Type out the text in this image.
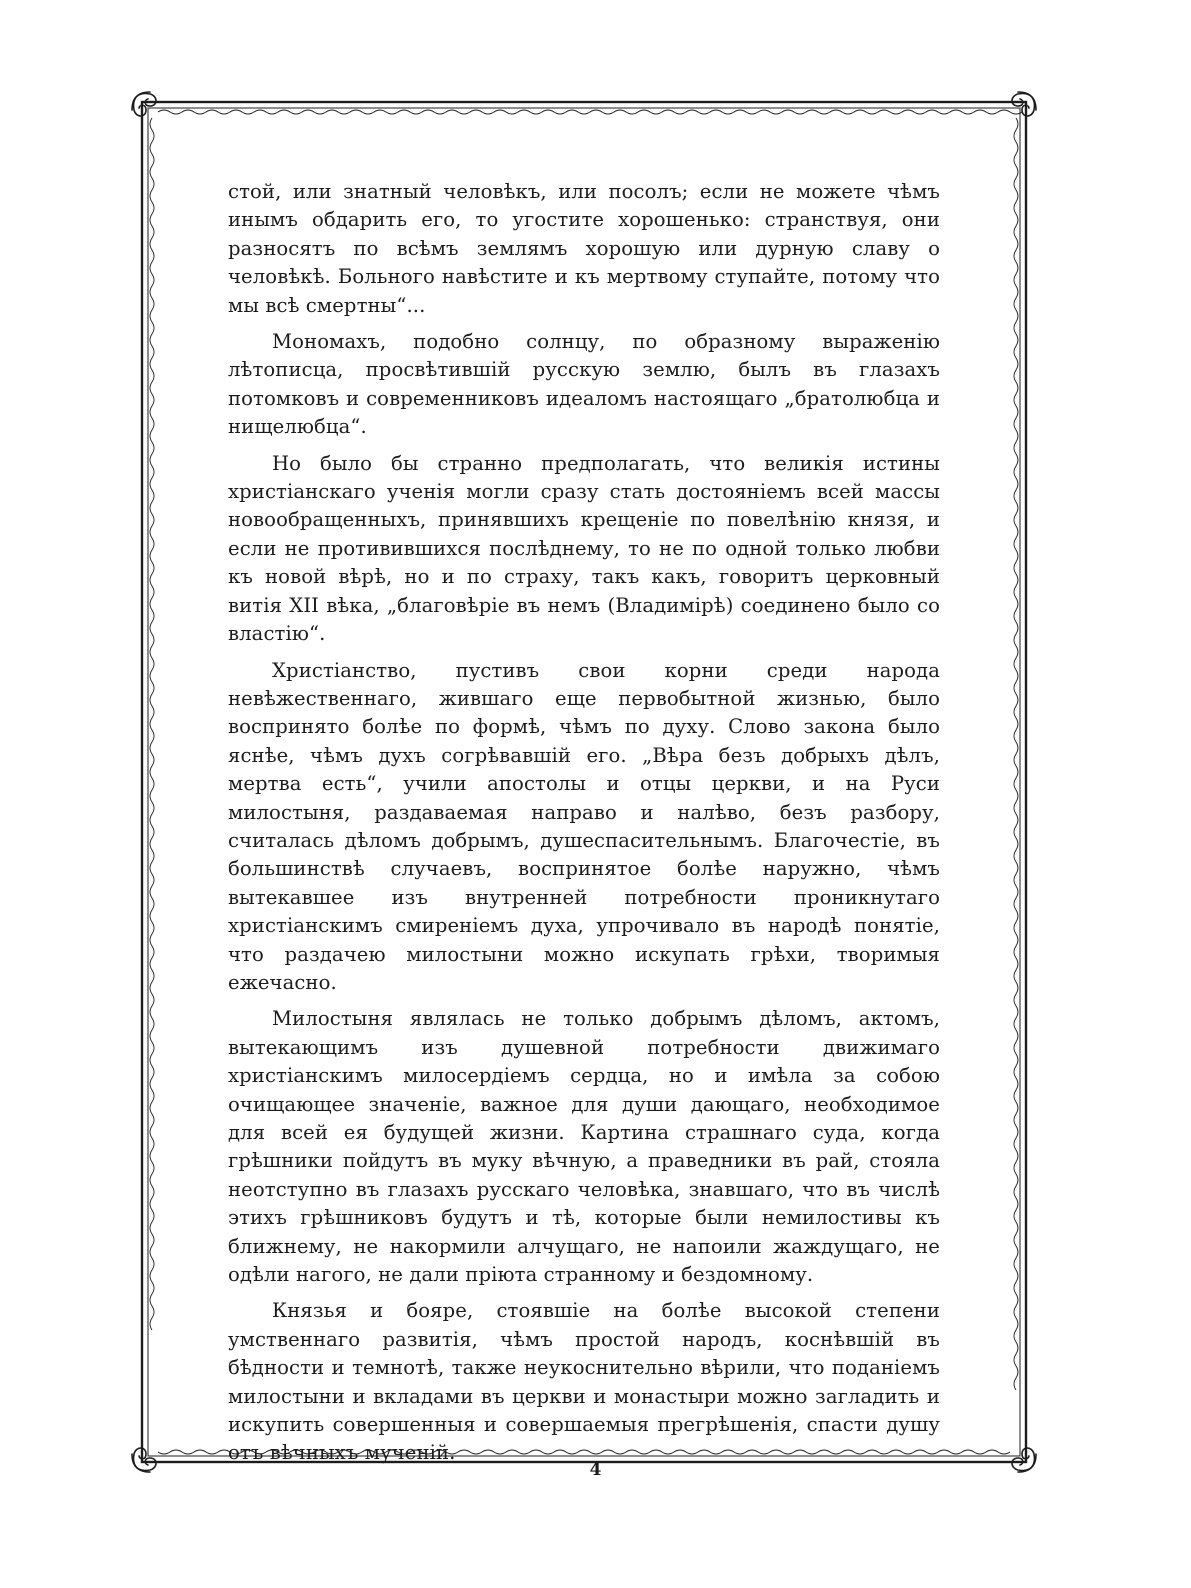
стой, или знатный человѣкъ, или посолъ; если не можете чѣмъ инымъ обдарить его, то угостите хорошенько: странствуя, они разносятъ по всѣмъ землямъ хорошую или дурную славу о человѣкѣ. Больного навѣстите и къ мертвому ступайте, потому что мы всѣ смертны“...

Мономахъ, подобно солнцу, по образному выраженію лѣтописца, просвѣтившій русскую землю, былъ въ глазахъ потомковъ и современниковъ идеаломъ настоящаго „братолюбца и нищелюбца“.

Но было бы странно предполагать, что великія истины христіанскаго ученія могли сразу стать достояніемъ всей массы новообращенныхъ, принявшихъ крещеніе по повелѣнію князя, и если не противившихся послѣднему, то не по одной только любви къ новой вѣрѣ, но и по страху, такъ какъ, говоритъ церковный витія XII вѣка, „благовѣріе въ немъ (Владимірѣ) соединено было со властію“.

Христіанство, пустивъ свои корни среди народа невѣжественнаго, жившаго еще первобытной жизнью, было воспринято болѣе по формѣ, чѣмъ по духу. Слово закона было яснѣе, чѣмъ духъ согрѣвавшій его. „Вѣра безъ добрыхъ дѣлъ, мертва есть“, учили апостолы и отцы церкви, и на Руси милостыня, раздаваемая направо и налѣво, безъ разбору, считалась дѣломъ добрымъ, душеспасительнымъ. Благочестіе, въ большинствѣ случаевъ, воспринятое болѣе наружно, чѣмъ вытекавшее изъ внутренней потребности проникнутаго христіанскимъ смиреніемъ духа, упрочивало въ народѣ понятіе, что раздачею милостыни можно искупать грѣхи, творимыя ежечасно.

Милостыня являлась не только добрымъ дѣломъ, актомъ, вытекающимъ изъ душевной потребности движимаго христіанскимъ милосердіемъ сердца, но и имѣла за собою очищающее значеніе, важное для души дающаго, необходимое для всей ея будущей жизни. Картина страшнаго суда, когда грѣшники пойдутъ въ муку вѣчную, а праведники въ рай, стояла неотступно въ глазахъ русскаго человѣка, знавшаго, что въ числѣ этихъ грѣшниковъ будутъ и тѣ, которые были немилостивы къ ближнему, не накормили алчущаго, не напоили жаждущаго, не одѣли нагого, не дали пріюта странному и бездомному.

Князья и бояре, стоявшіе на болѣе высокой степени умственнаго развитія, чѣмъ простой народъ, коснѣвшій въ бѣдности и темнотѣ, также неукоснительно вѣрили, что поданіемъ милостыни и вкладами въ церкви и монастыри можно загладить и искупить совершенныя и совершаемыя прегрѣшенія, спасти душу отъ вѣчныхъ мученій.

4
